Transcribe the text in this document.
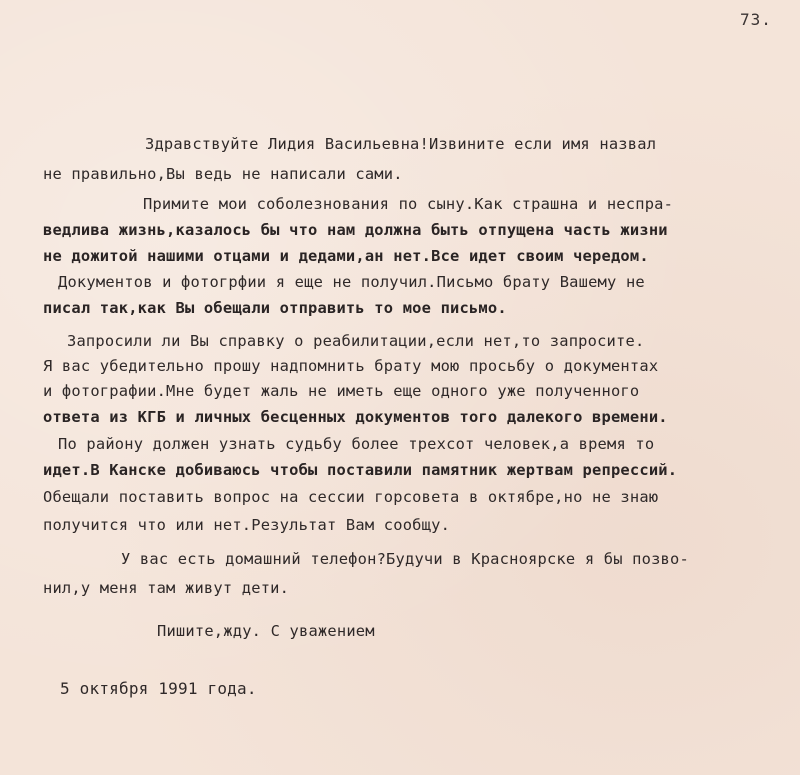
73.
Здравствуйте Лидия Васильевна!Извините если имя назвал
не правильно,Вы ведь не написали сами.
Примите мои соболезнования по сыну.Как страшна и неспра-
ведлива жизнь,казалось бы что нам должна быть отпущена часть жизни
не дожитой нашими отцами и дедами,ан нет.Все идет своим чередом.
Документов и фотогрфии я еще не получил.Письмо брату Вашему не
писал так,как Вы обещали отправить то мое письмо.
Запросили ли Вы справку о реабилитации,если нет,то запросите.
Я вас убедительно прошу надпомнить брату мою просьбу о документах
и фотографии.Мне будет жаль не иметь еще одного уже полученного
ответа из КГБ и личных бесценных документов того далекого времени.
По району должен узнать судьбу более трехсот человек,а время то
идет.В Канске добиваюсь чтобы поставили памятник жертвам репрессий.
Обещали поставить вопрос на сессии горсовета в октябре,но не знаю
получится что или нет.Результат Вам сообщу.
У вас есть домашний телефон?Будучи в Красноярске я бы позво-
нил,у меня там живут дети.
Пишите,жду. С уважением
5 октября 1991 года.
